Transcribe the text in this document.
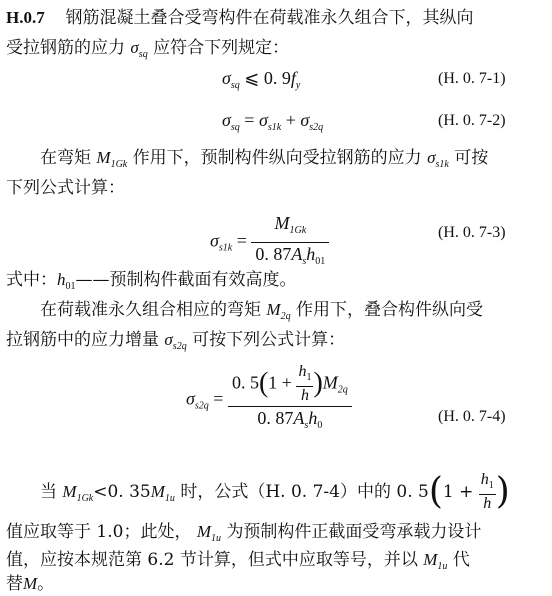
H.0.7 钢筋混凝土叠合受弯构件在荷载准永久组合下，其纵向
受拉钢筋的应力 $\sigma_{sq}$ 应符合下列规定：
$\sigma_{sq}$ ⩽ 0. $9f_y$	(H. 0. 7-1)
$\sigma_{sq} = \sigma_{s1k} + \sigma_{s2q}$	(H. 0. 7-2)
在弯矩 $M_{1Gk}$ 作用下，预制构件纵向受拉钢筋的应力 $\sigma_{s1k}$ 可按
下列公式计算：
$\sigma_{s1k} = \frac{M_{1Gk}}{0. 87A_sh_{01}}$	(H. 0. 7-3)
式中：$h_{01}——$预制构件截面有效高度。
在荷载准永久组合相应的弯矩 $M_{2q}$ 作用下，叠合构件纵向受
拉钢筋中的应力增量 $\sigma_{s2q}$ 可按下列公式计算：
$\sigma_{s2q} = \frac{0. 5(1 + \frac{h_1}{h} )M_{2q}}{0. 87A_sh_0}$	(H. 0. 7-4)
当 $M_{1Gk}<0$. $35M_{1u}$ 时，公式（H. 0. 7-4）中的 0. $5(1 + \frac{h_1}{h}$ )
值应取等于 1.0；此处， $M_{1u}$ 为预制构件正截面受弯承载力设计
值，应按本规范第 6.2 节计算，但式中应取等号，并以 $M_{1u}$ 代
替M。
